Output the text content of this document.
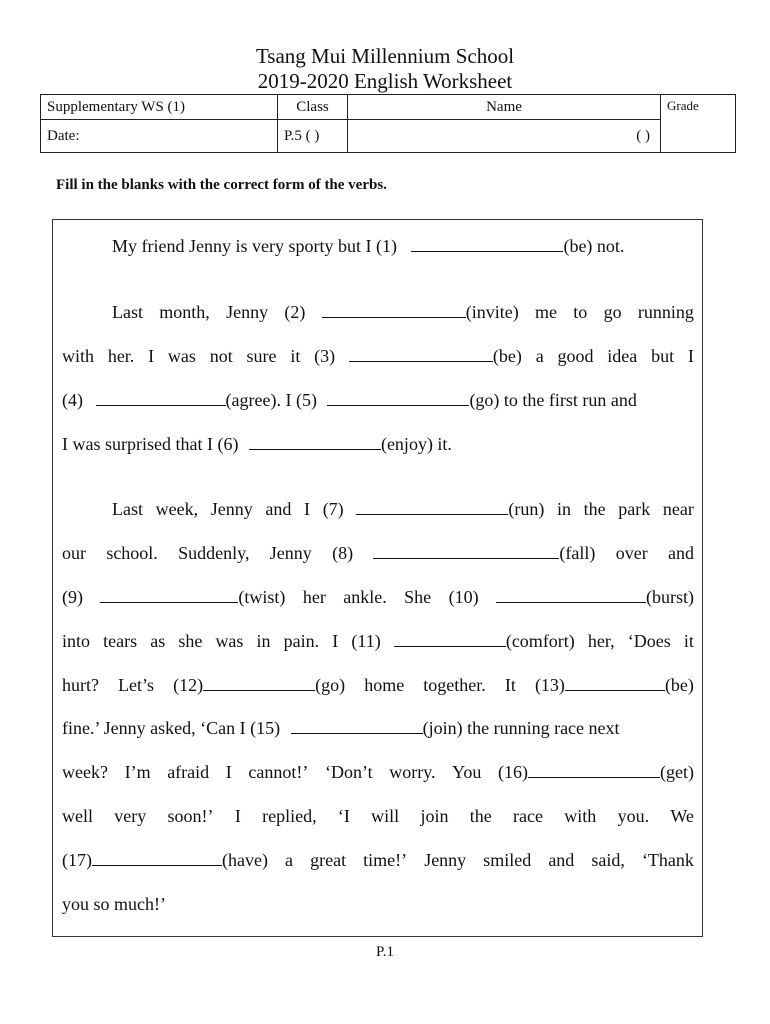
Tsang Mui Millennium School
2019-2020 English Worksheet
Supplementary WS (1)	Class	Name	Grade
Date:	P.5 ( )	( )	
Fill in the blanks with the correct form of the verbs.
My friend Jenny is very sporty but I (1)	(be) not.
Last month, Jenny (2)	(invite) me to go running
with her. I was not sure it (3)	(be) a good idea but I
(4)	(agree). I (5)	(go) to the first run and
I was surprised that I (6)	(enjoy) it.
Last week, Jenny and I (7)	(run) in the park near
our school. Suddenly, Jenny (8)	(fall) over and
(9)	(twist) her ankle. She (10)	(burst)
into tears as she was in pain. I (11)	(comfort) her, ‘Does it
hurt? Let’s (12)	(go) home together. It (13)	(be)
fine.’ Jenny asked, ‘Can I (15)	(join) the running race next
week? I’m afraid I cannot!’ ‘Don’t worry. You (16)	(get)
well very soon!’ I replied, ‘I will join the race with you. We
(17)	(have) a great time!’ Jenny smiled and said, ‘Thank
you so much!’
P.1
